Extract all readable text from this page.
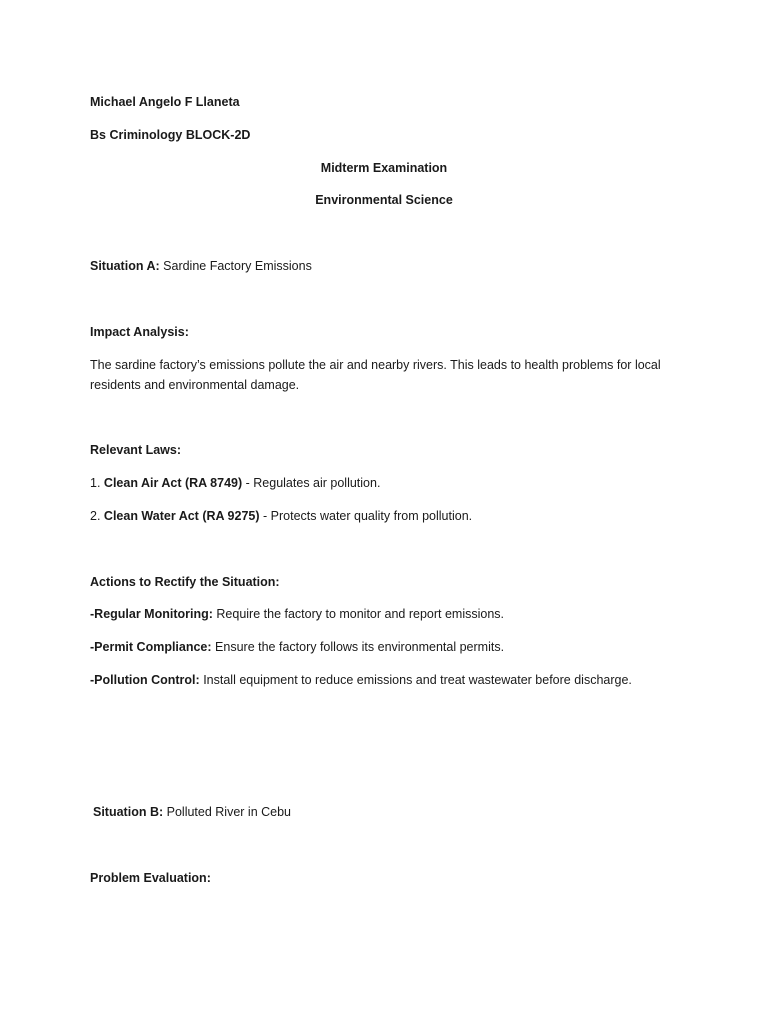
Michael Angelo F Llaneta
Bs Criminology BLOCK-2D
Midterm Examination
Environmental Science
Situation A: Sardine Factory Emissions
Impact Analysis:
The sardine factory’s emissions pollute the air and nearby rivers. This leads to health problems for local residents and environmental damage.
Relevant Laws:
1. Clean Air Act (RA 8749) - Regulates air pollution.
2. Clean Water Act (RA 9275) - Protects water quality from pollution.
Actions to Rectify the Situation:
-Regular Monitoring: Require the factory to monitor and report emissions.
-Permit Compliance: Ensure the factory follows its environmental permits.
-Pollution Control: Install equipment to reduce emissions and treat wastewater before discharge.
Situation B: Polluted River in Cebu
Problem Evaluation:
